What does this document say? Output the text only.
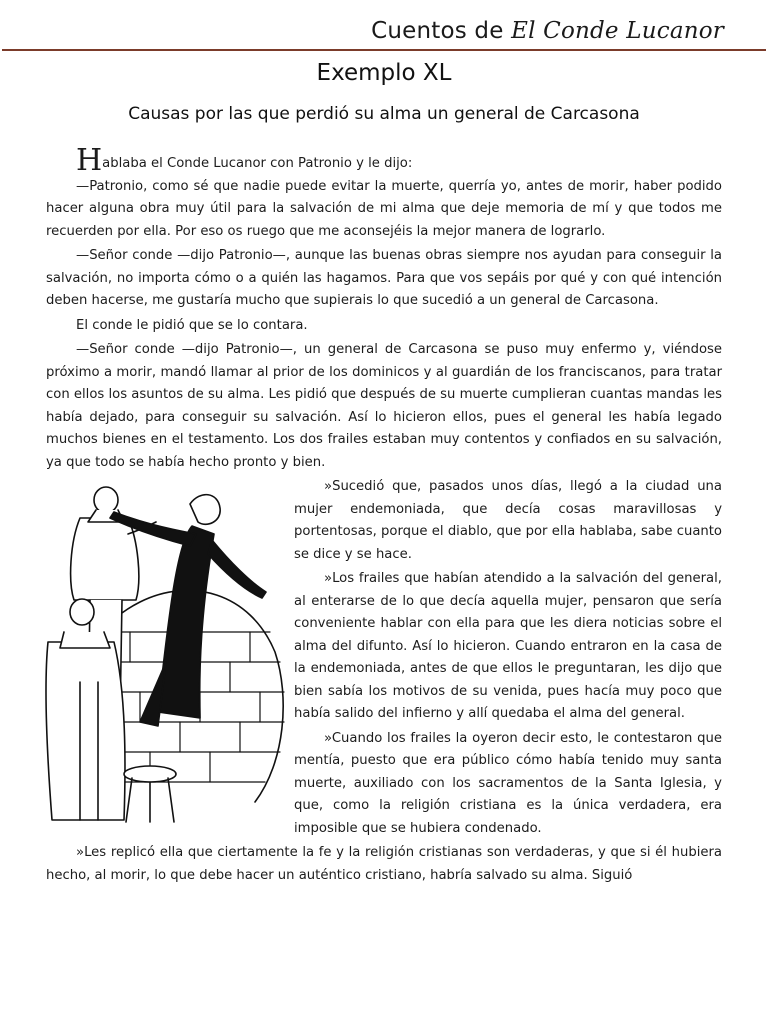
Cuentos de El Conde Lucanor
Exemplo XL
Causas por las que perdió su alma un general de Carcasona

Hablaba el Conde Lucanor con Patronio y le dijo:

—Patronio, como sé que nadie puede evitar la muerte, querría yo, antes de morir, haber podido hacer alguna obra muy útil para la salvación de mi alma que deje memoria de mí y que todos me recuerden por ella. Por eso os ruego que me aconsejéis la mejor manera de lograrlo.

—Señor conde —dijo Patronio—, aunque las buenas obras siempre nos ayudan para conseguir la salvación, no importa cómo o a quién las hagamos. Para que vos sepáis por qué y con qué intención deben hacerse, me gustaría mucho que supierais lo que sucedió a un general de Carcasona.

El conde le pidió que se lo contara.

—Señor conde —dijo Patronio—, un general de Carcasona se puso muy enfermo y, viéndose próximo a morir, mandó llamar al prior de los dominicos y al guardián de los franciscanos, para tratar con ellos los asuntos de su alma. Les pidió que después de su muerte cumplieran cuantas mandas les había dejado, para conseguir su salvación. Así lo hicieron ellos, pues el general les había legado muchos bienes en el testamento. Los dos frailes estaban muy contentos y confiados en su salvación, ya que todo se había hecho pronto y bien.

»Sucedió que, pasados unos días, llegó a la ciudad una mujer endemoniada, que decía cosas maravillosas y portentosas, porque el diablo, que por ella hablaba, sabe cuanto se dice y se hace.

»Los frailes que habían atendido a la salvación del general, al enterarse de lo que decía aquella mujer, pensaron que sería conveniente hablar con ella para que les diera noticias sobre el alma del difunto. Así lo hicieron. Cuando entraron en la casa de la endemoniada, antes de que ellos le preguntaran, les dijo que bien sabía los motivos de su venida, pues hacía muy poco que había salido del infierno y allí quedaba el alma del general.

»Cuando los frailes la oyeron decir esto, le contestaron que mentía, puesto que era público cómo había tenido muy santa muerte, auxiliado con los sacramentos de la Santa Iglesia, y que, como la religión cristiana es la única verdadera, era imposible que se hubiera condenado.

»Les replicó ella que ciertamente la fe y la religión cristianas son verdaderas, y que si él hubiera hecho, al morir, lo que debe hacer un auténtico cristiano, habría salvado su alma. Siguió
